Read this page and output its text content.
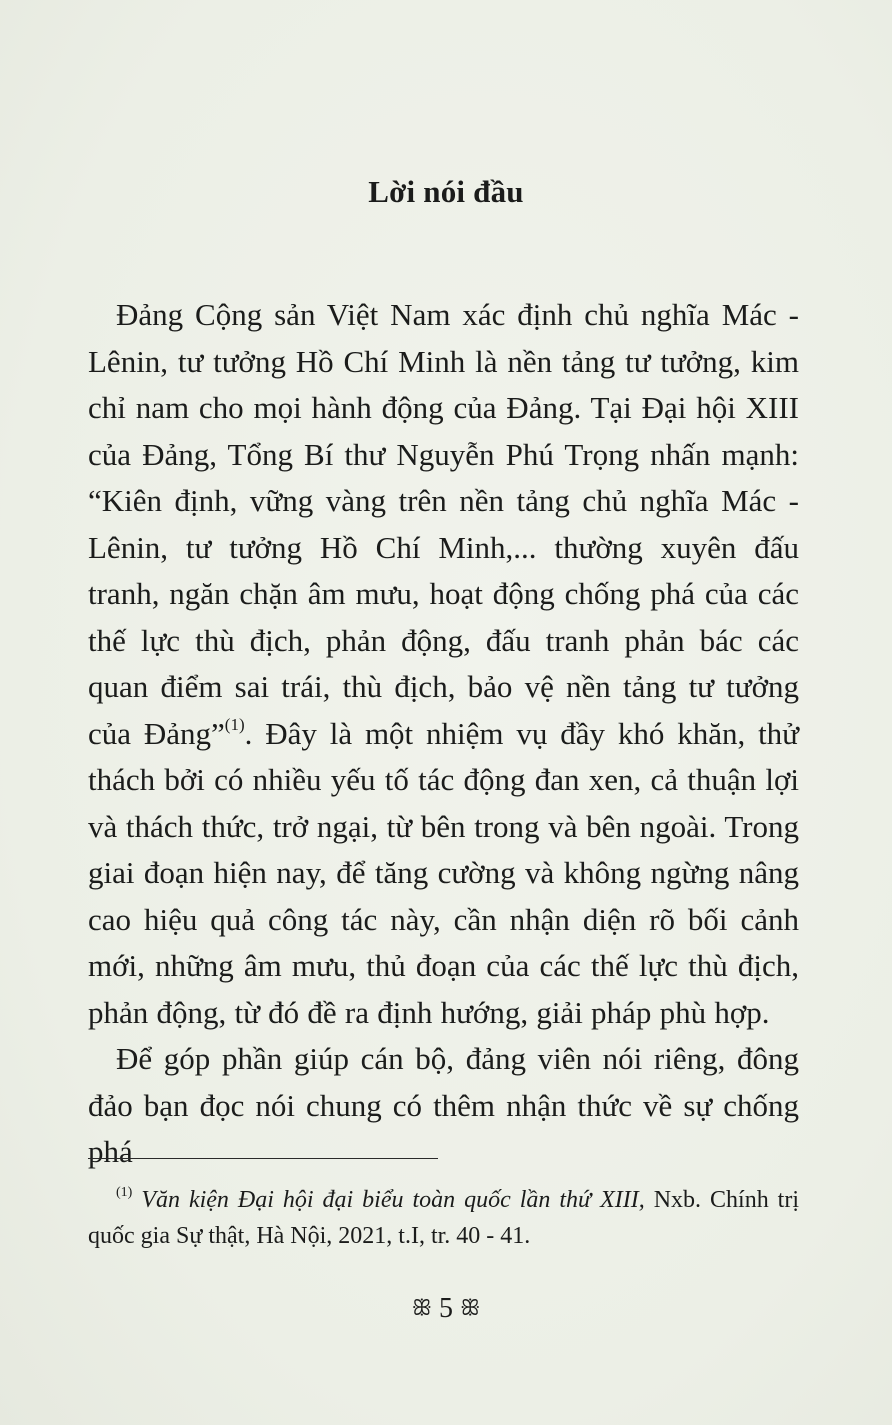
Lời nói đầu

Đảng Cộng sản Việt Nam xác định chủ nghĩa Mác - Lênin, tư tưởng Hồ Chí Minh là nền tảng tư tưởng, kim chỉ nam cho mọi hành động của Đảng. Tại Đại hội XIII của Đảng, Tổng Bí thư Nguyễn Phú Trọng nhấn mạnh: “Kiên định, vững vàng trên nền tảng chủ nghĩa Mác - Lênin, tư tưởng Hồ Chí Minh,... thường xuyên đấu tranh, ngăn chặn âm mưu, hoạt động chống phá của các thế lực thù địch, phản động, đấu tranh phản bác các quan điểm sai trái, thù địch, bảo vệ nền tảng tư tưởng của Đảng”$^{(1)}$. Đây là một nhiệm vụ đầy khó khăn, thử thách bởi có nhiều yếu tố tác động đan xen, cả thuận lợi và thách thức, trở ngại, từ bên trong và bên ngoài. Trong giai đoạn hiện nay, để tăng cường và không ngừng nâng cao hiệu quả công tác này, cần nhận diện rõ bối cảnh mới, những âm mưu, thủ đoạn của các thế lực thù địch, phản động, từ đó đề ra định hướng, giải pháp phù hợp.

Để góp phần giúp cán bộ, đảng viên nói riêng, đông đảo bạn đọc nói chung có thêm nhận thức về sự chống phá

$^{(1)}$ Văn kiện Đại hội đại biểu toàn quốc lần thứ XIII, Nxb. Chính trị quốc gia Sự thật, Hà Nội, 2021, t.I, tr. 40 - 41.

ꕥ 5 ꕥ
